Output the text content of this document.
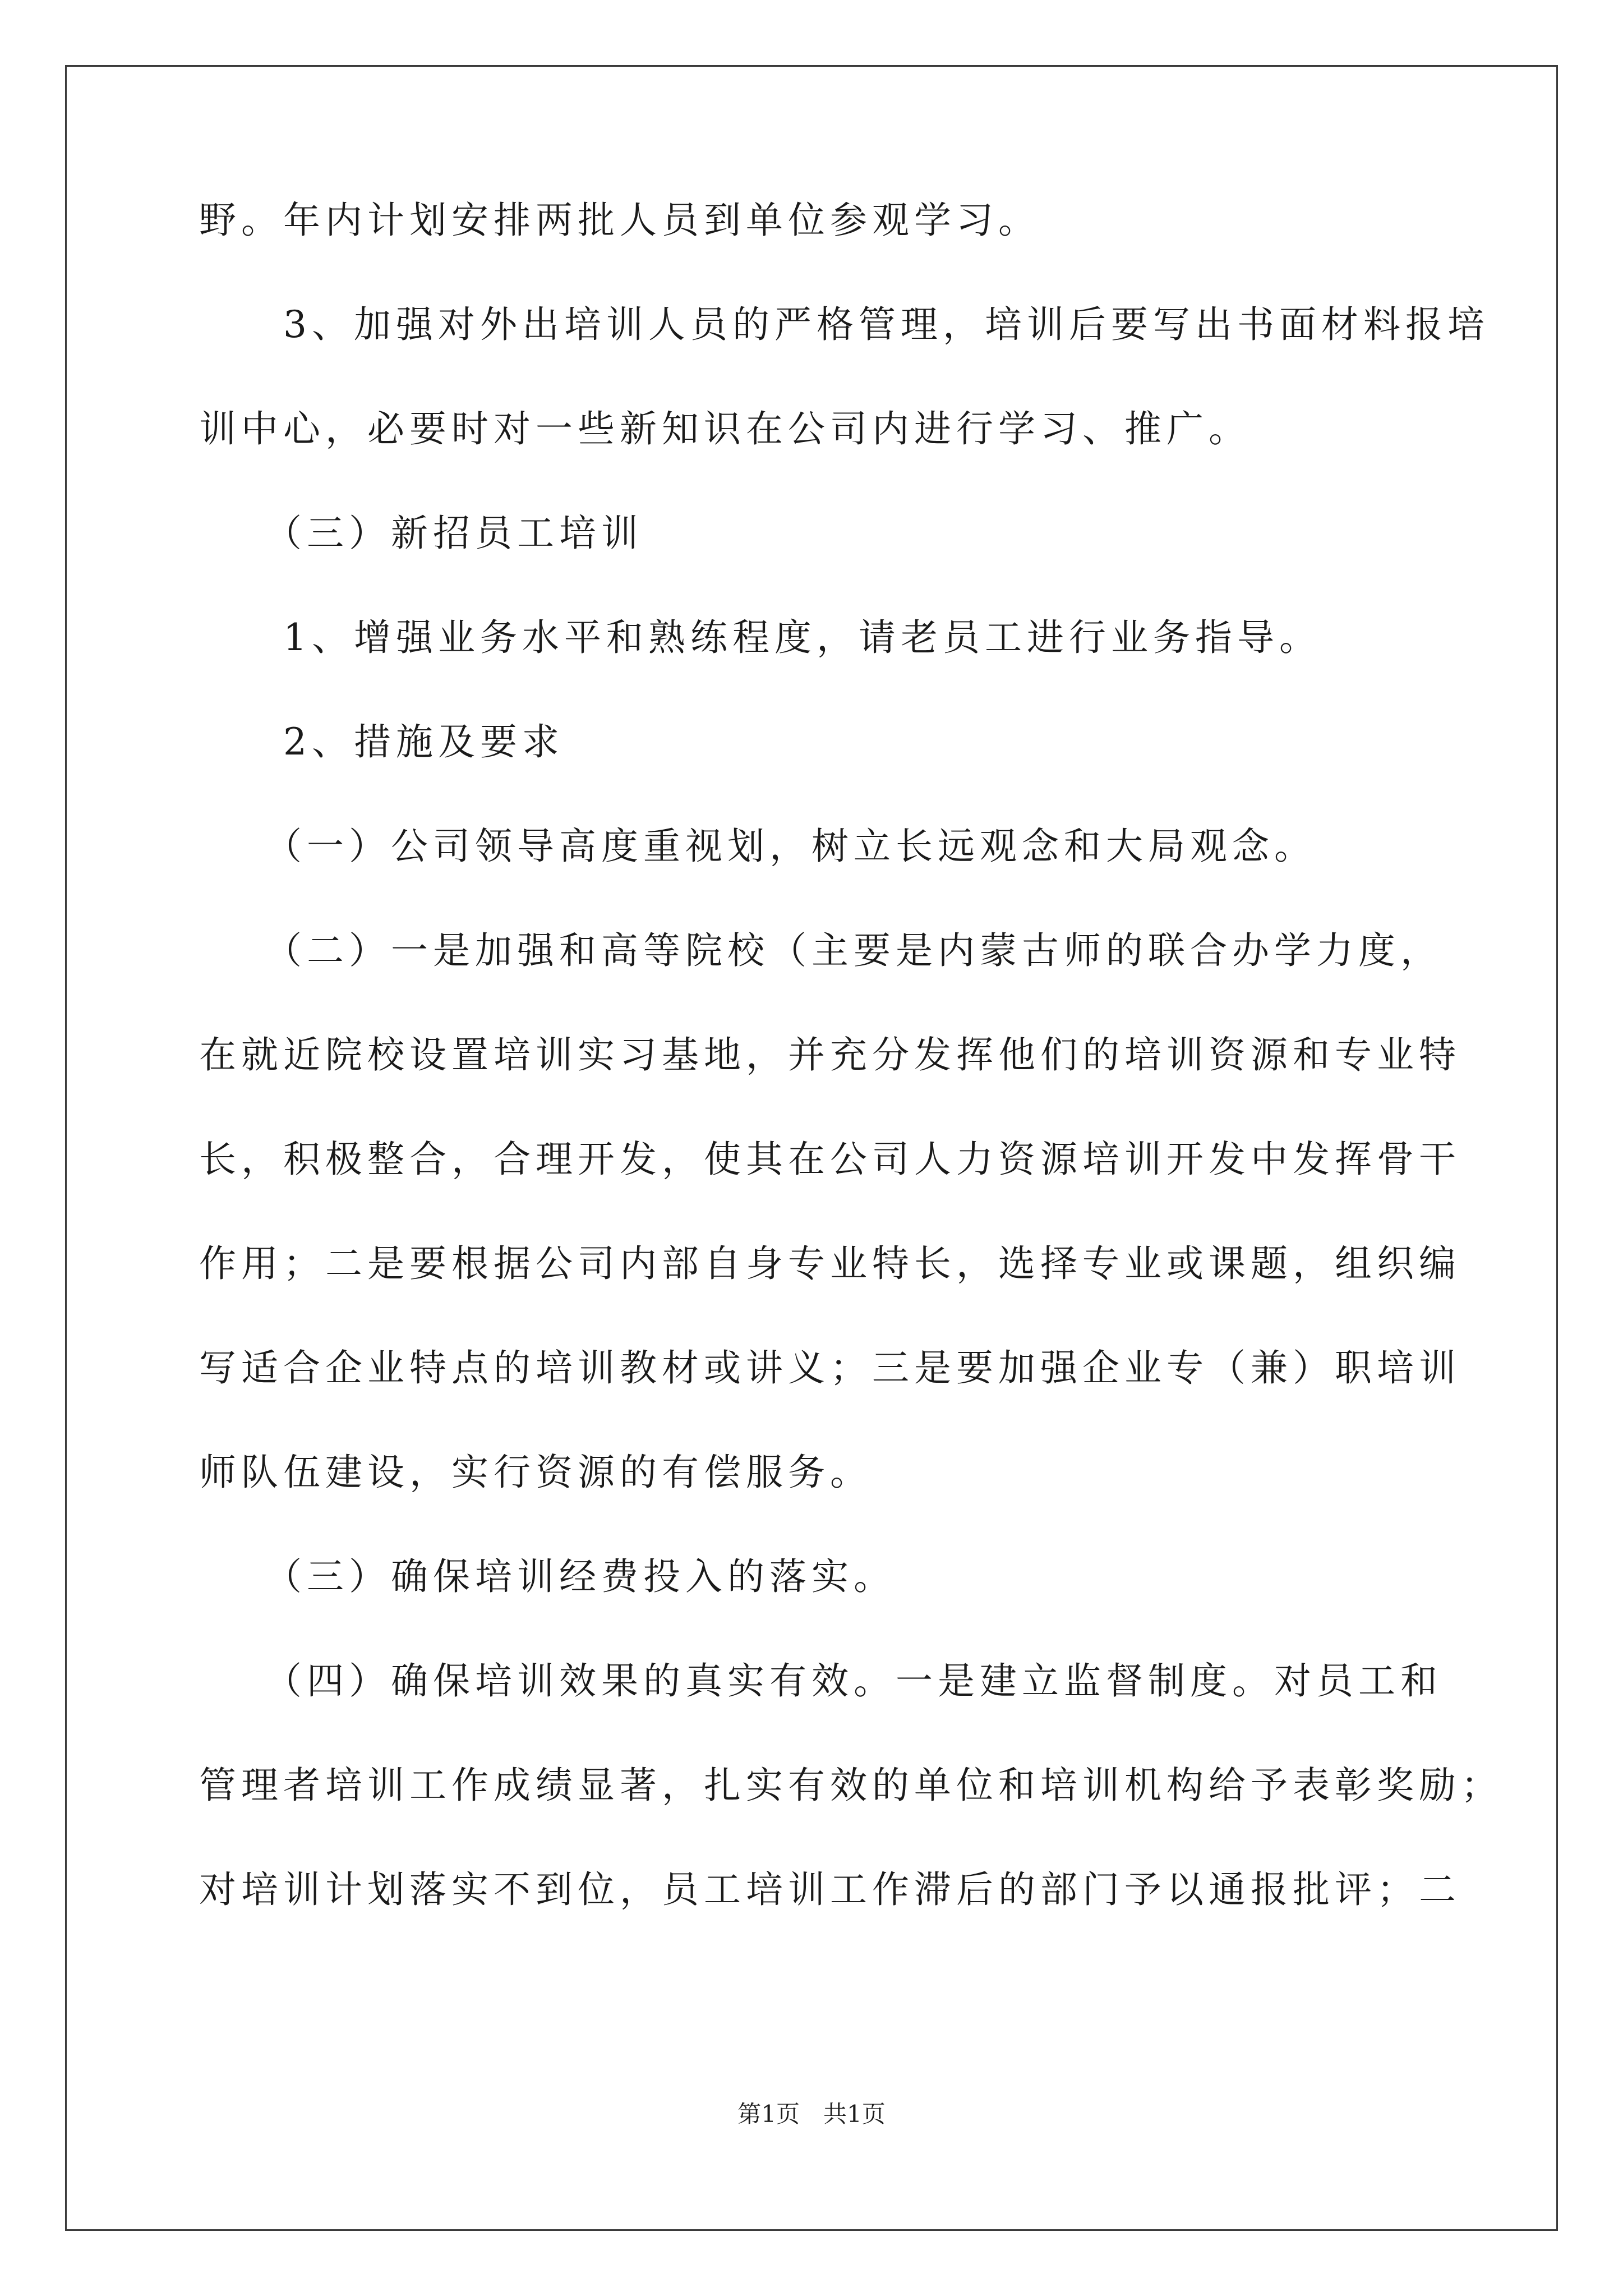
野。年内计划安排两批人员到单位参观学习。
　　3、加强对外出培训人员的严格管理，培训后要写出书面材料报培
训中心，必要时对一些新知识在公司内进行学习、推广。
　　（三）新招员工培训
　　1、增强业务水平和熟练程度，请老员工进行业务指导。
　　2、措施及要求
　　（一）公司领导高度重视划，树立长远观念和大局观念。
　　（二）一是加强和高等院校（主要是内蒙古师的联合办学力度，
在就近院校设置培训实习基地，并充分发挥他们的培训资源和专业特
长，积极整合，合理开发，使其在公司人力资源培训开发中发挥骨干
作用；二是要根据公司内部自身专业特长，选择专业或课题，组织编
写适合企业特点的培训教材或讲义；三是要加强企业专（兼）职培训
师队伍建设，实行资源的有偿服务。
　　（三）确保培训经费投入的落实。
　　（四）确保培训效果的真实有效。一是建立监督制度。对员工和
管理者培训工作成绩显著，扎实有效的单位和培训机构给予表彰奖励；
对培训计划落实不到位，员工培训工作滞后的部门予以通报批评；二
第1页　共1页
